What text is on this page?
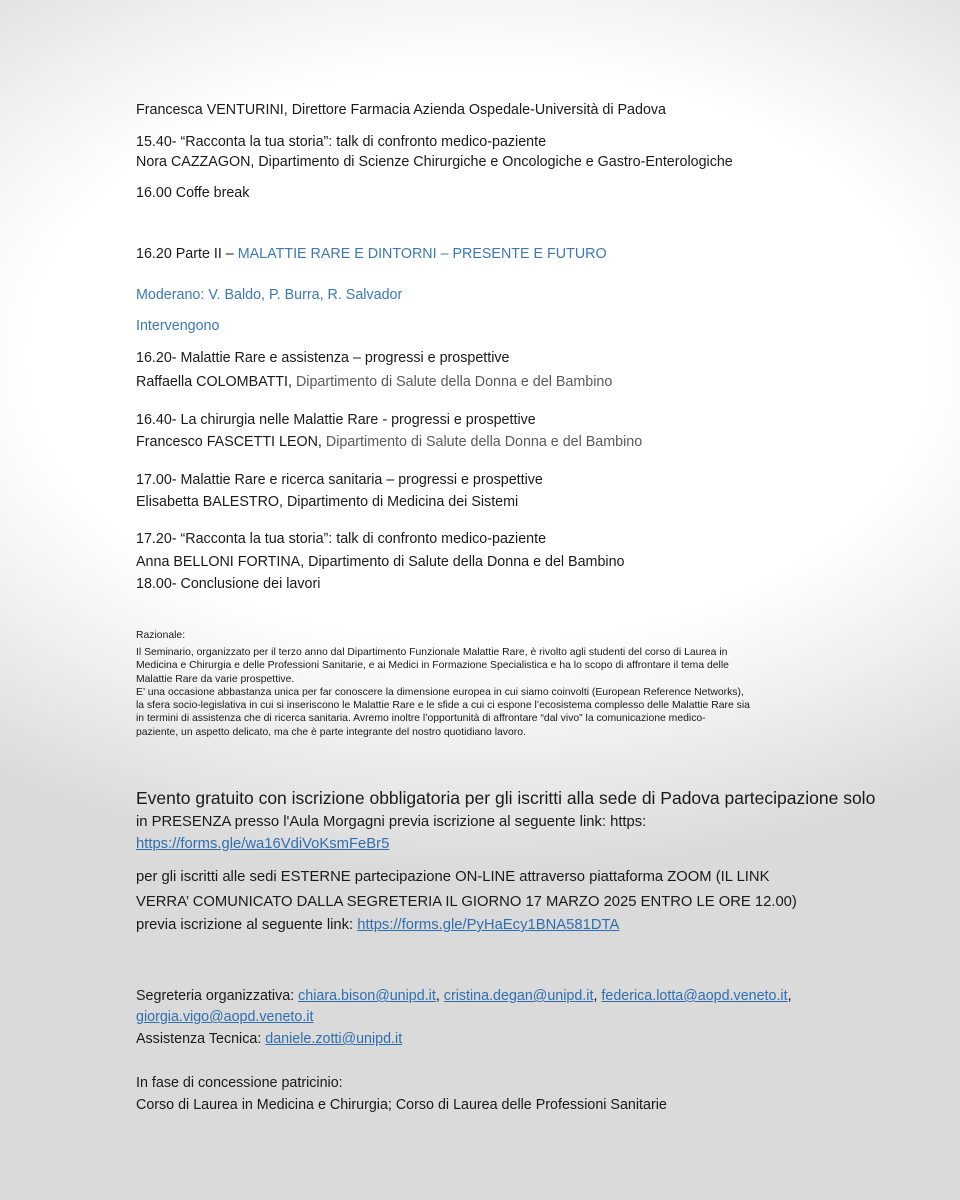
Francesca VENTURINI, Direttore Farmacia Azienda Ospedale-Università di Padova
15.40- “Racconta la tua storia”: talk di confronto medico-paziente
Nora CAZZAGON, Dipartimento di Scienze Chirurgiche e Oncologiche e Gastro-Enterologiche
16.00 Coffe break
16.20 Parte II – MALATTIE RARE E DINTORNI – PRESENTE E FUTURO
Moderano: V. Baldo, P. Burra, R. Salvador
Intervengono
16.20- Malattie Rare e assistenza – progressi e prospettive
Raffaella COLOMBATTI, Dipartimento di Salute della Donna e del Bambino
16.40- La chirurgia nelle Malattie Rare - progressi e prospettive
Francesco FASCETTI LEON, Dipartimento di Salute della Donna e del Bambino
17.00- Malattie Rare e ricerca sanitaria – progressi e prospettive
Elisabetta BALESTRO, Dipartimento di Medicina dei Sistemi
17.20- “Racconta la tua storia”: talk di confronto medico-paziente
Anna BELLONI FORTINA, Dipartimento di Salute della Donna e del Bambino
18.00- Conclusione dei lavori
Razionale:
Il Seminario, organizzato per il terzo anno dal Dipartimento Funzionale Malattie Rare, è rivolto agli studenti del corso di Laurea in
Medicina e Chirurgia e delle Professioni Sanitarie, e ai Medici in Formazione Specialistica e ha lo scopo di affrontare il tema delle
Malattie Rare da varie prospettive.
E’ una occasione abbastanza unica per far conoscere la dimensione europea in cui siamo coinvolti (European Reference Networks),
la sfera socio-legislativa in cui si inseriscono le Malattie Rare e le sfide a cui ci espone l’ecosistema complesso delle Malattie Rare sia
in termini di assistenza che di ricerca sanitaria. Avremo inoltre l’opportunità di affrontare “dal vivo” la comunicazione medico-
paziente, un aspetto delicato, ma che è parte integrante del nostro quotidiano lavoro.
Evento gratuito con iscrizione obbligatoria per gli iscritti alla sede di Padova partecipazione solo
in PRESENZA presso l'Aula Morgagni previa iscrizione al seguente link: https:
https://forms.gle/wa16VdiVoKsmFeBr5
per gli iscritti alle sedi ESTERNE partecipazione ON-LINE attraverso piattaforma ZOOM (IL LINK
VERRA’ COMUNICATO DALLA SEGRETERIA IL GIORNO 17 MARZO 2025 ENTRO LE ORE 12.00)
previa iscrizione al seguente link: https://forms.gle/PyHaEcy1BNA581DTA
Segreteria organizzativa: chiara.bison@unipd.it, cristina.degan@unipd.it, federica.lotta@aopd.veneto.it,
giorgia.vigo@aopd.veneto.it
Assistenza Tecnica: daniele.zotti@unipd.it
In fase di concessione patricinio:
Corso di Laurea in Medicina e Chirurgia; Corso di Laurea delle Professioni Sanitarie
